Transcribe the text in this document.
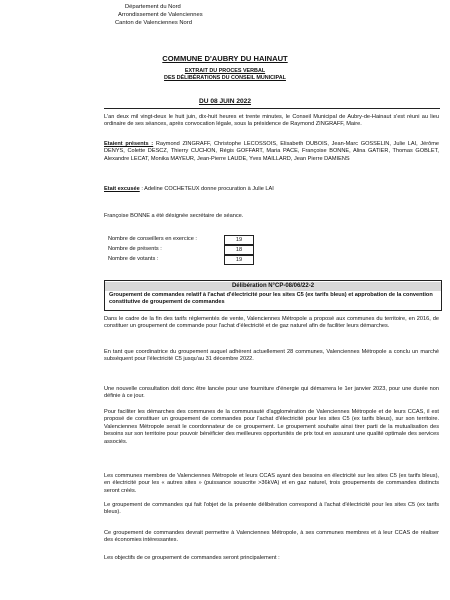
Département du Nord
Arrondissement de Valenciennes
Canton de Valenciennes Nord
COMMUNE D'AUBRY DU HAINAUT
EXTRAIT DU PROCES VERBAL
DES DÉLIBÉRATIONS DU CONSEIL MUNICIPAL
DU 08 JUIN 2022
L'an deux mil vingt-deux le huit juin, dix-huit heures et trente minutes, le Conseil Municipal de Aubry-de-Hainaut s'est réuni au lieu ordinaire de ses séances, après convocation légale, sous la présidence de Raymond ZINGRAFF, Maire.
Etaient présents : Raymond ZINGRAFF, Christophe LECOSSOIS, Elisabeth DUBOIS, Jean-Marc GOSSELIN, Julie LAI, Jérôme DENYS, Colette DESCZ, Thierry CUCHON, Régis GOFFART, Maria PACE, Françoise BONNE, Alina GATIER, Thomas GOBLET, Alexandre LECAT, Monika MAYEUR, Jean-Pierre LAUDE, Yves MAILLARD, Jean Pierre DAMIENS
Etait excusée : Adeline COCHETEUX donne procuration à Julie LAI
Françoise BONNE a été désignée secrétaire de séance.
Nombre de conseillers en exercice :	19
Nombre de présents :	18
Nombre de votants :	19
Délibération N°CP-08/06/22-2
Groupement de commandes relatif à l'achat d'électricité pour les sites C5 (ex tarifs bleus) et approbation de la convention constitutive de groupement de commandes
Dans le cadre de la fin des tarifs réglementés de vente, Valenciennes Métropole a proposé aux communes du territoire, en 2016, de constituer un groupement de commande pour l'achat d'électricité et de gaz naturel afin de faciliter leurs démarches.
En tant que coordinatrice du groupement auquel adhèrent actuellement 28 communes, Valenciennes Métropole a conclu un marché subséquent pour l'électricité C5 jusqu'au 31 décembre 2022.
Une nouvelle consultation doit donc être lancée pour une fourniture d'énergie qui démarrera le 1er janvier 2023, pour une durée non définie à ce jour.
Pour faciliter les démarches des communes de la communauté d'agglomération de Valenciennes Métropole et de leurs CCAS, il est proposé de constituer un groupement de commandes pour l'achat d'électricité pour les sites C5 (ex tarifs bleus), sur son territoire. Valenciennes Métropole serait le coordonnateur de ce groupement. Le groupement souhaite ainsi tirer parti de la mutualisation des besoins sur son territoire pour pouvoir bénéficier des meilleures opportunités de prix tout en assurant une qualité optimale des services associés.
Les communes membres de Valenciennes Métropole et leurs CCAS ayant des besoins en électricité sur les sites C5 (ex tarifs bleus), en électricité pour les « autres sites » (puissance souscrite >36kVA) et en gaz naturel, trois groupements de commandes distincts seront créés.
Le groupement de commandes qui fait l'objet de la présente délibération correspond à l'achat d'électricité pour les sites C5 (ex tarifs bleus).
Ce groupement de commandes devrait permettre à Valenciennes Métropole, à ses communes membres et à leur CCAS de réaliser des économies intéressantes.
Les objectifs de ce groupement de commandes seront principalement :
